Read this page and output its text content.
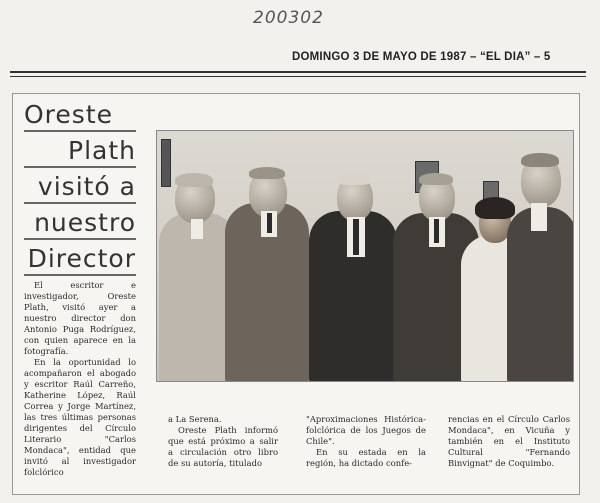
200302
DOMINGO 3 DE MAYO DE 1987 – “EL DIA” – 5
Oreste
Plath
visitó a
nuestro
Director

El escritor e investigador, Oreste Plath, visitó ayer a nuestro director don Antonio Puga Rodríguez, con quien aparece en la fotografía.

En la oportunidad lo acompañaron el abogado y escritor Raúl Carreño, Katherine López, Raúl Correa y Jorge Martínez, las tres últimas personas dirigentes del Círculo Literario "Carlos Mondaca", entidad que invitó al investigador folclórico

a La Serena.

Oreste Plath informó que está próximo a salir a circulación otro libro de su autoría, titulado

"Aproximaciones Histórica-folclórica de los Juegos de Chile".

En su estada en la región, ha dictado confe-

rencias en el Círculo Carlos Mondaca", en Vicuña y también en el Instituto Cultural "Fernando Binvignat" de Coquimbo.
